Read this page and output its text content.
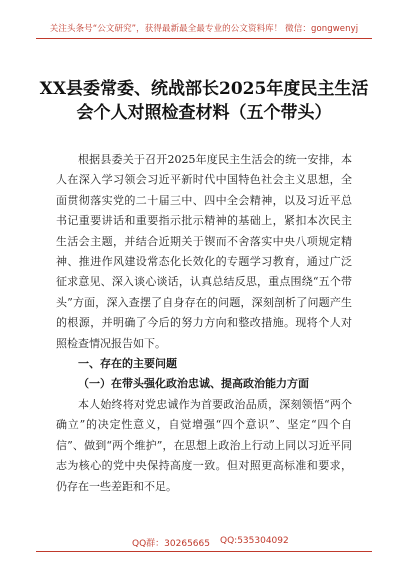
关注头条号“公文研究”，获得最新最全最专业的公文资料库！ 微信：gongwenyj
XX县委常委、统战部长2025年度民主生活会个人对照检查材料（五个带头）

根据县委关于召开2025年度民主生活会的统一安排，本人在深入学习领会习近平新时代中国特色社会主义思想，全面贯彻落实党的二十届三中、四中全会精神，以及习近平总书记重要讲话和重要指示批示精神的基础上，紧扣本次民主生活会主题，并结合近期关于锲而不舍落实中央八项规定精神、推进作风建设常态化长效化的专题学习教育，通过广泛征求意见、深入谈心谈话，认真总结反思，重点围绕“五个带头”方面，深入查摆了自身存在的问题，深刻剖析了问题产生的根源，并明确了今后的努力方向和整改措施。现将个人对照检查情况报告如下。

一、存在的主要问题

（一）在带头强化政治忠诚、提高政治能力方面

本人始终将对党忠诚作为首要政治品质，深刻领悟“两个确立”的决定性意义，自觉增强“四个意识”、坚定“四个自信”、做到“两个维护”，在思想上政治上行动上同以习近平同志为核心的党中央保持高度一致。但对照更高标准和要求，仍存在一些差距和不足。

QQ群：30265665 QQ:535304092
